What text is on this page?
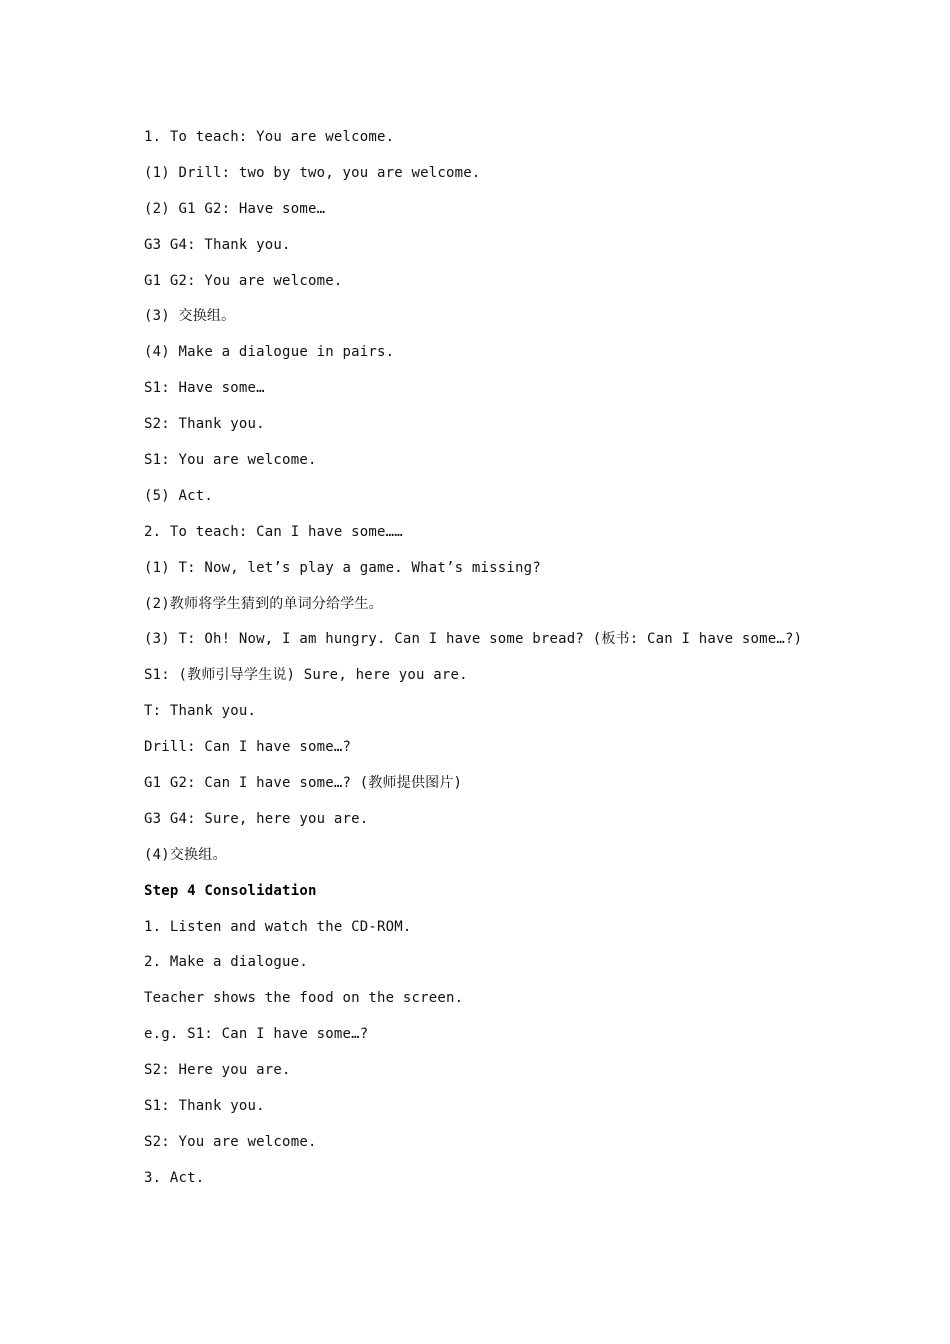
1. To teach: You are welcome.
(1) Drill: two by two, you are welcome.
(2) G1 G2: Have some…
G3 G4: Thank you.
G1 G2: You are welcome.
(3) 交换组。
(4) Make a dialogue in pairs.
S1: Have some…
S2: Thank you.
S1: You are welcome.
(5) Act.
2. To teach: Can I have some……
(1) T: Now, let’s play a game. What’s missing?
(2)教师将学生猜到的单词分给学生。
(3) T: Oh! Now, I am hungry. Can I have some bread? (板书: Can I have some…?)
S1: (教师引导学生说) Sure, here you are.
T: Thank you.
Drill: Can I have some…?
G1 G2: Can I have some…? (教师提供图片)
G3 G4: Sure, here you are.
(4)交换组。
Step 4 Consolidation
1. Listen and watch the CD-ROM.
2. Make a dialogue.
Teacher shows the food on the screen.
e.g. S1: Can I have some…?
S2: Here you are.
S1: Thank you.
S2: You are welcome.
3. Act.
